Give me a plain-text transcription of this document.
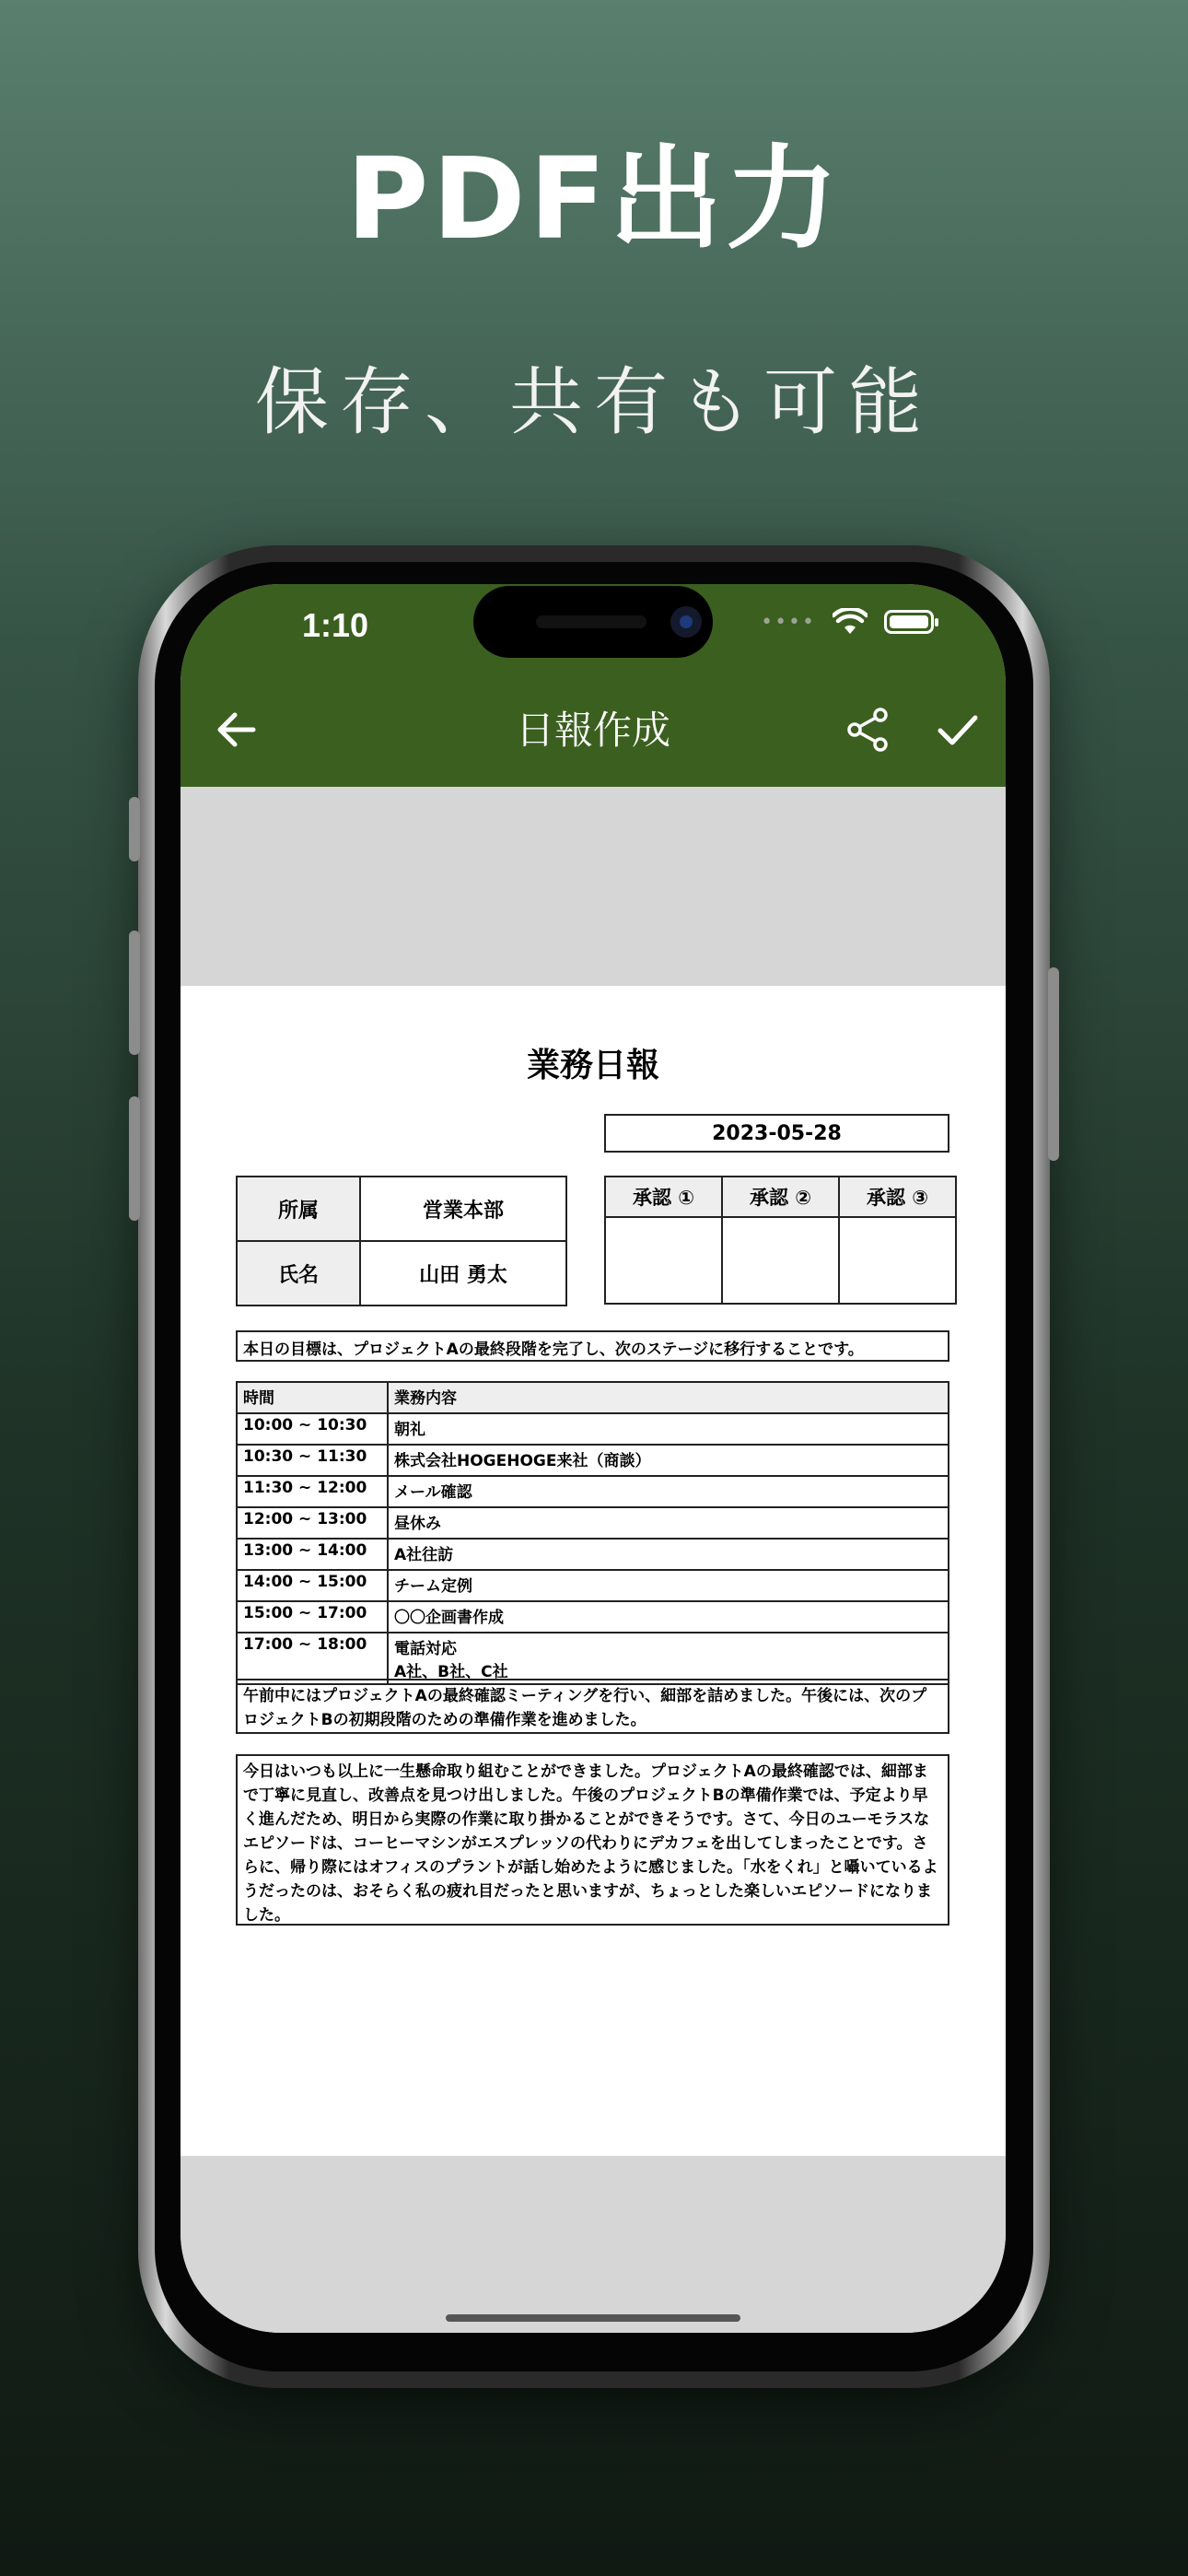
PDF出力
保存、共有も可能
1:10	••••
日報作成
業務日報
2023-05-28
所属	営業本部
氏名	山田 勇太
承認 ①	承認 ②	承認 ③

本日の目標は、プロジェクトAの最終段階を完了し、次のステージに移行することです。
時間	業務内容
10:00 ~ 10:30	朝礼
10:30 ~ 11:30	株式会社HOGEHOGE来社（商談）
11:30 ~ 12:00	メール確認
12:00 ~ 13:00	昼休み
13:00 ~ 14:00	A社往訪
14:00 ~ 15:00	チーム定例
15:00 ~ 17:00	〇〇企画書作成
17:00 ~ 18:00	電話対応
A社、B社、C社
午前中にはプロジェクトAの最終確認ミーティングを行い、細部を詰めました。午後には、次のプロジェクトBの初期段階のための準備作業を進めました。
今日はいつも以上に一生懸命取り組むことができました。プロジェクトAの最終確認では、細部まで丁寧に見直し、改善点を見つけ出しました。午後のプロジェクトBの準備作業では、予定より早く進んだため、明日から実際の作業に取り掛かることができそうです。さて、今日のユーモラスなエピソードは、コーヒーマシンがエスプレッソの代わりにデカフェを出してしまったことです。さらに、帰り際にはオフィスのプラントが話し始めたように感じました。「水をくれ」と囁いているようだったのは、おそらく私の疲れ目だったと思いますが、ちょっとした楽しいエピソードになりました。
